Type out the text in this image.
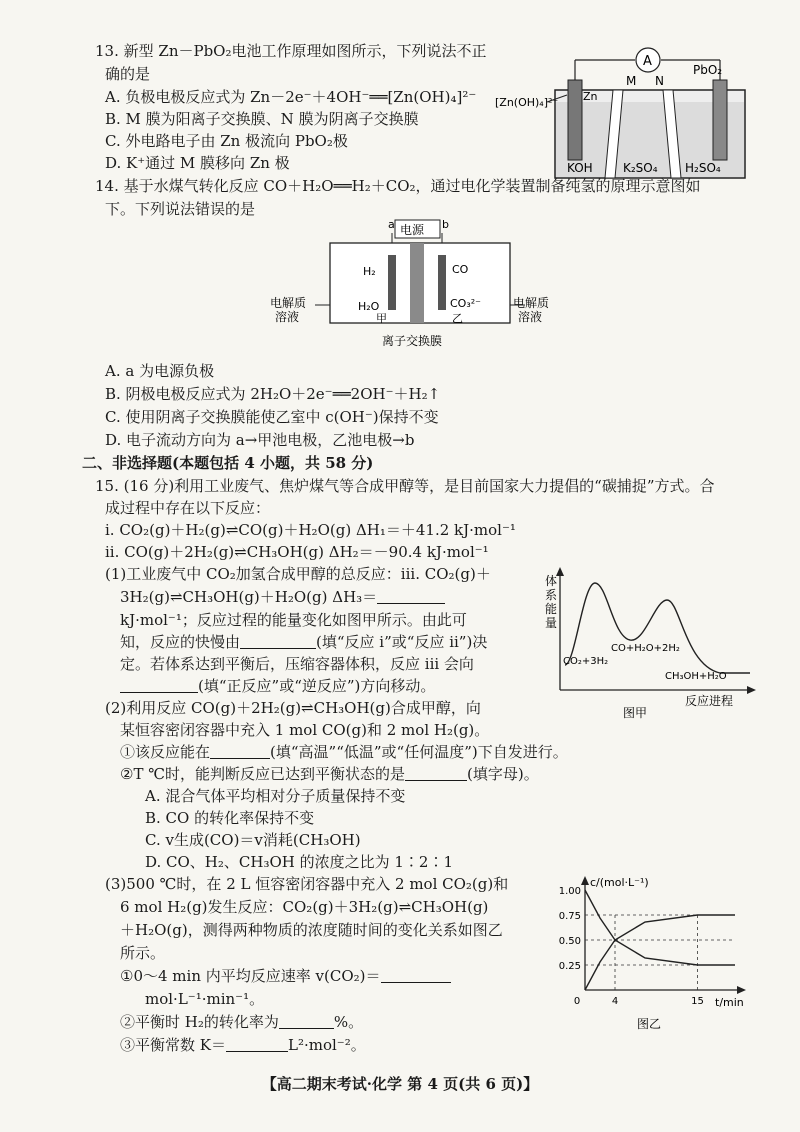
13. 新型 Zn－PbO₂电池工作原理如图所示，下列说法不正
确的是
A. 负极电极反应式为 Zn－2e⁻＋4OH⁻══[Zn(OH)₄]²⁻
B. M 膜为阳离子交换膜、N 膜为阴离子交换膜
C. 外电路电子由 Zn 极流向 PbO₂极
D. K⁺通过 M 膜移向 Zn 极
A
Zn
PbO₂
M N
[Zn(OH)₄]²⁻
KOH	K₂SO₄ H₂SO₄
14. 基于水煤气转化反应 CO＋H₂O══H₂＋CO₂，通过电化学装置制备纯氢的原理示意图如
下。下列说法错误的是
电源
a	b
H₂
H₂O
CO
CO₃²⁻
甲	乙
电解质
溶液
电解质
溶液
离子交换膜
A. a 为电源负极
B. 阴极电极反应式为 2H₂O＋2e⁻══2OH⁻＋H₂↑
C. 使用阴离子交换膜能使乙室中 c(OH⁻)保持不变
D. 电子流动方向为 a→甲池电极，乙池电极→b
二、非选择题(本题包括 4 小题，共 58 分)
15. (16 分)利用工业废气、焦炉煤气等合成甲醇等，是目前国家大力提倡的“碳捕捉”方式。合
成过程中存在以下反应：
i. CO₂(g)＋H₂(g)⇌CO(g)＋H₂O(g) ΔH₁＝＋41.2 kJ·mol⁻¹
ii. CO(g)＋2H₂(g)⇌CH₃OH(g) ΔH₂＝－90.4 kJ·mol⁻¹
(1)工业废气中 CO₂加氢合成甲醇的总反应：iii. CO₂(g)＋
3H₂(g)⇌CH₃OH(g)＋H₂O(g) ΔH₃＝
kJ·mol⁻¹；反应过程的能量变化如图甲所示。由此可
知，反应的快慢由	(填“反应 i”或“反应 ii”)决
定。若体系达到平衡后，压缩容器体积，反应 iii 会向
(填“正反应”或“逆反应”)方向移动。
体
系
能
量
CO₂+3H₂
CO+H₂O+2H₂
CH₃OH+H₂O
反应进程
图甲
(2)利用反应 CO(g)＋2H₂(g)⇌CH₃OH(g)合成甲醇，向
某恒容密闭容器中充入 1 mol CO(g)和 2 mol H₂(g)。
①该反应能在	(填“高温”“低温”或“任何温度”)下自发进行。
②T ℃时，能判断反应已达到平衡状态的是	(填字母)。
A. 混合气体平均相对分子质量保持不变
B. CO 的转化率保持不变
C. v生成(CO)＝v消耗(CH₃OH)
D. CO、H₂、CH₃OH 的浓度之比为 1∶2∶1
(3)500 ℃时，在 2 L 恒容密闭容器中充入 2 mol CO₂(g)和
6 mol H₂(g)发生反应：CO₂(g)＋3H₂(g)⇌CH₃OH(g)
＋H₂O(g)，测得两种物质的浓度随时间的变化关系如图乙
所示。
①0～4 min 内平均反应速率 v(CO₂)＝
mol·L⁻¹·min⁻¹。
②平衡时 H₂的转化率为	%。
③平衡常数 K＝	L²·mol⁻²。
c/(mol·L⁻¹)
t/min
图乙
0.25
0.50
0.75
1.00
0	4	15
【高二期末考试·化学 第 4 页(共 6 页)】
